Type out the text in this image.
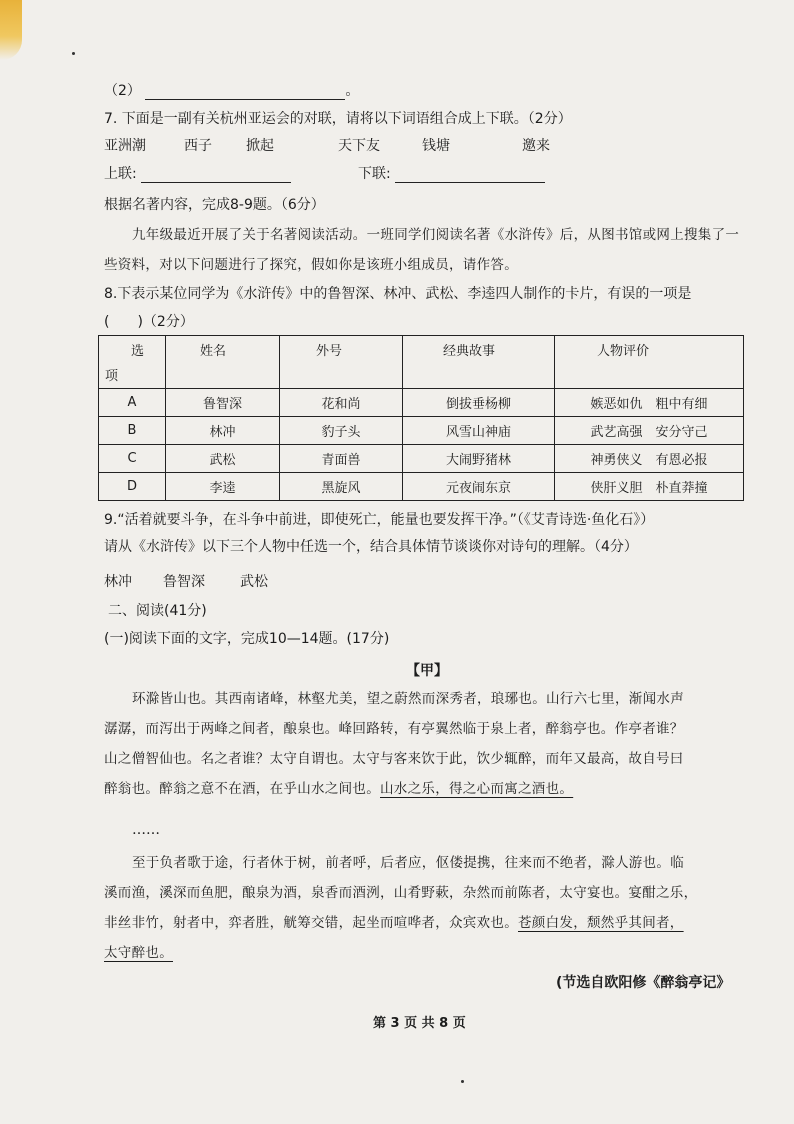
（2）	。
7. 下面是一副有关杭州亚运会的对联，请将以下词语组合成上下联。（2分）
亚洲潮	西子 掀起	天下友	钱塘	邀来
上联:	下联:
根据名著内容，完成8-9题。（6分）
九年级最近开展了关于名著阅读活动。一班同学们阅读名著《水浒传》后，从图书馆或网上搜集了一些资料，对以下问题进行了探究，假如你是该班小组成员，请作答。
8.下表示某位同学为《水浒传》中的鲁智深、林冲、武松、李逵四人制作的卡片，有误的一项是
(　　)（2分）
选
项	姓名	外号	经典故事	人物评价

A	鲁智深	花和尚	倒拔垂杨柳	嫉恶如仇　粗中有细
B	林冲	豹子头	风雪山神庙	武艺高强　安分守己
C	武松	青面兽	大闹野猪林	神勇侠义　有恩必报
D	李逵	黑旋风	元夜闹东京	侠肝义胆　朴直莽撞
9.“活着就要斗争，在斗争中前进，即使死亡，能量也要发挥干净。”（《艾青诗选·鱼化石》）
请从《水浒传》以下三个人物中任选一个，结合具体情节谈谈你对诗句的理解。（4分）
林冲 鲁智深	武松
二、阅读(41分)
(一)阅读下面的文字，完成10—14题。(17分)
【甲】
环滁皆山也。其西南诸峰，林壑尤美，望之蔚然而深秀者，琅琊也。山行六七里，渐闻水声
潺潺，而泻出于两峰之间者，酿泉也。峰回路转，有亭翼然临于泉上者，醉翁亭也。作亭者谁？
山之僧智仙也。名之者谁？太守自谓也。太守与客来饮于此，饮少辄醉，而年又最高，故自号曰
醉翁也。醉翁之意不在酒，在乎山水之间也。山水之乐，得之心而寓之酒也。
……
至于负者歌于途，行者休于树，前者呼，后者应，伛偻提携，往来而不绝者，滁人游也。临
溪而渔，溪深而鱼肥，酿泉为酒，泉香而酒洌，山肴野蔌，杂然而前陈者，太守宴也。宴酣之乐，
非丝非竹，射者中，弈者胜，觥筹交错，起坐而喧哗者，众宾欢也。苍颜白发，颓然乎其间者，
太守醉也。
(节选自欧阳修《醉翁亭记》
第 3 页 共 8 页
